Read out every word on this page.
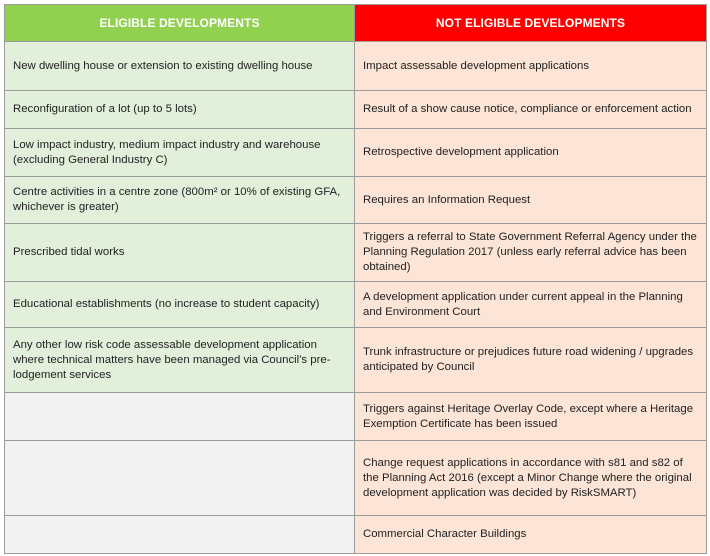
ELIGIBLE DEVELOPMENTS	NOT ELIGIBLE DEVELOPMENTS
New dwelling house or extension to existing dwelling house	Impact assessable development applications
Reconfiguration of a lot (up to 5 lots)	Result of a show cause notice, compliance or enforcement action
Low impact industry, medium impact industry and warehouse (excluding General Industry C)	Retrospective development application
Centre activities in a centre zone (800m² or 10% of existing GFA, whichever is greater)	Requires an Information Request
Prescribed tidal works	Triggers a referral to State Government Referral Agency under the Planning Regulation 2017 (unless early referral advice has been obtained)
Educational establishments (no increase to student capacity)	A development application under current appeal in the Planning and Environment Court
Any other low risk code assessable development application where technical matters have been managed via Council's pre-lodgement services	Trunk infrastructure or prejudices future road widening / upgrades anticipated by Council
	Triggers against Heritage Overlay Code, except where a Heritage Exemption Certificate has been issued
	Change request applications in accordance with s81 and s82 of the Planning Act 2016 (except a Minor Change where the original development application was decided by RiskSMART)
	Commercial Character Buildings
